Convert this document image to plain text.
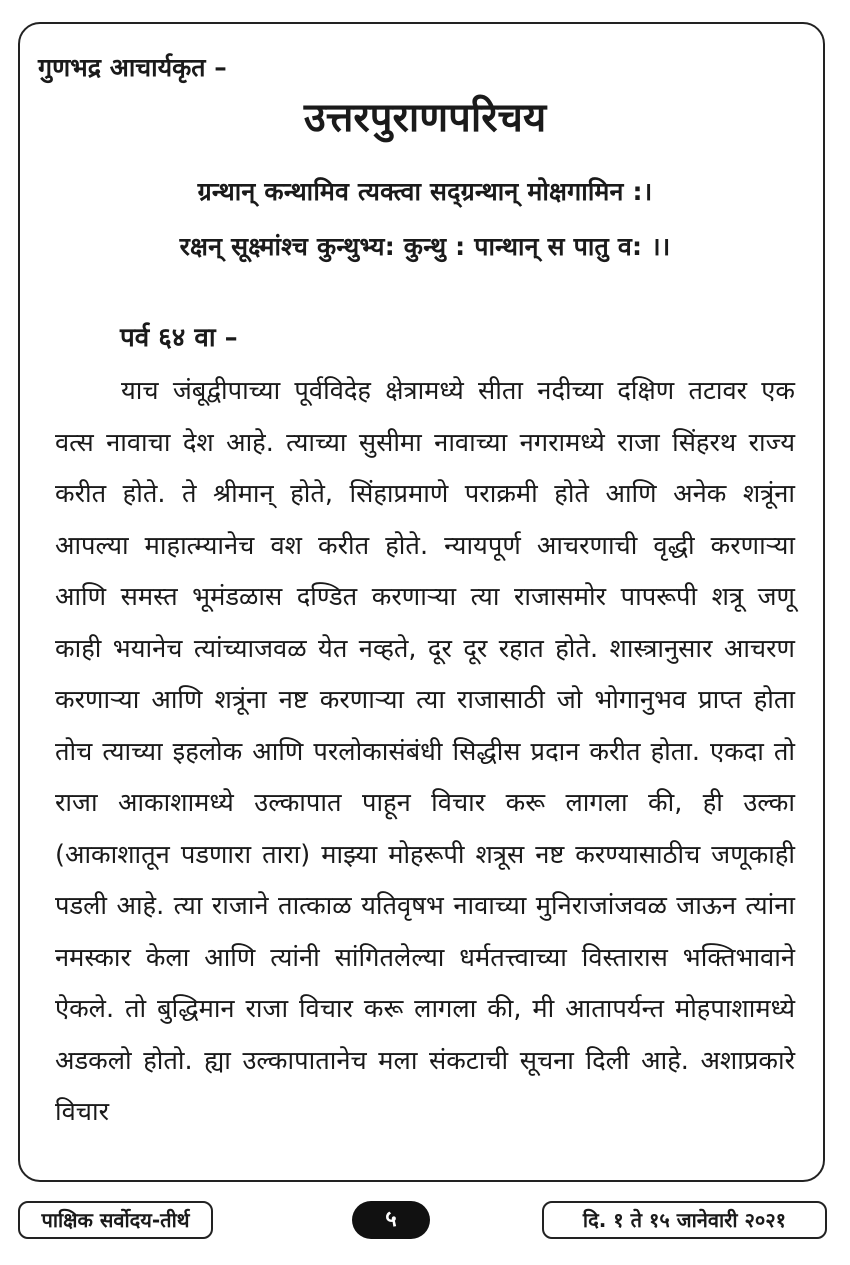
गुणभद्र आचार्यकृत –
उत्तरपुराणपरिचय
ग्रन्थान् कन्थामिव त्यक्त्वा सद्ग्रन्थान् मोक्षगामिन :।
रक्षन् सूक्ष्मांश्च कुन्थुभ्य: कुन्थु : पान्थान् स पातु व: ।।
पर्व ६४ वा –

याच जंबूद्वीपाच्या पूर्वविदेह क्षेत्रामध्ये सीता नदीच्या दक्षिण तटावर एक वत्स नावाचा देश आहे. त्याच्या सुसीमा नावाच्या नगरामध्ये राजा सिंहरथ राज्य करीत होते. ते श्रीमान् होते, सिंहाप्रमाणे पराक्रमी होते आणि अनेक शत्रूंना आपल्या माहात्म्यानेच वश करीत होते. न्यायपूर्ण आचरणाची वृद्धी करणाऱ्या आणि समस्त भूमंडळास दण्डित करणाऱ्या त्या राजासमोर पापरूपी शत्रू जणू काही भयानेच त्यांच्याजवळ येत नव्हते, दूर दूर रहात होते. शास्त्रानुसार आचरण करणाऱ्या आणि शत्रूंना नष्ट करणाऱ्या त्या राजासाठी जो भोगानुभव प्राप्त होता तोच त्याच्या इहलोक आणि परलोकासंबंधी सिद्धीस प्रदान करीत होता. एकदा तो राजा आकाशामध्ये उल्कापात पाहून विचार करू लागला की, ही उल्का (आकाशातून पडणारा तारा) माझ्या मोहरूपी शत्रूस नष्ट करण्यासाठीच जणूकाही पडली आहे. त्या राजाने तात्काळ यतिवृषभ नावाच्या मुनिराजांजवळ जाऊन त्यांना नमस्कार केला आणि त्यांनी सांगितलेल्या धर्मतत्त्वाच्या विस्तारास भक्तिभावाने ऐकले. तो बुद्धिमान राजा विचार करू लागला की, मी आतापर्यन्त मोहपाशामध्ये अडकलो होतो. ह्या उल्कापातानेच मला संकटाची सूचना दिली आहे. अशाप्रकारे विचार

पाक्षिक सर्वोदय-तीर्थ	५	दि. १ ते १५ जानेवारी २०२१
